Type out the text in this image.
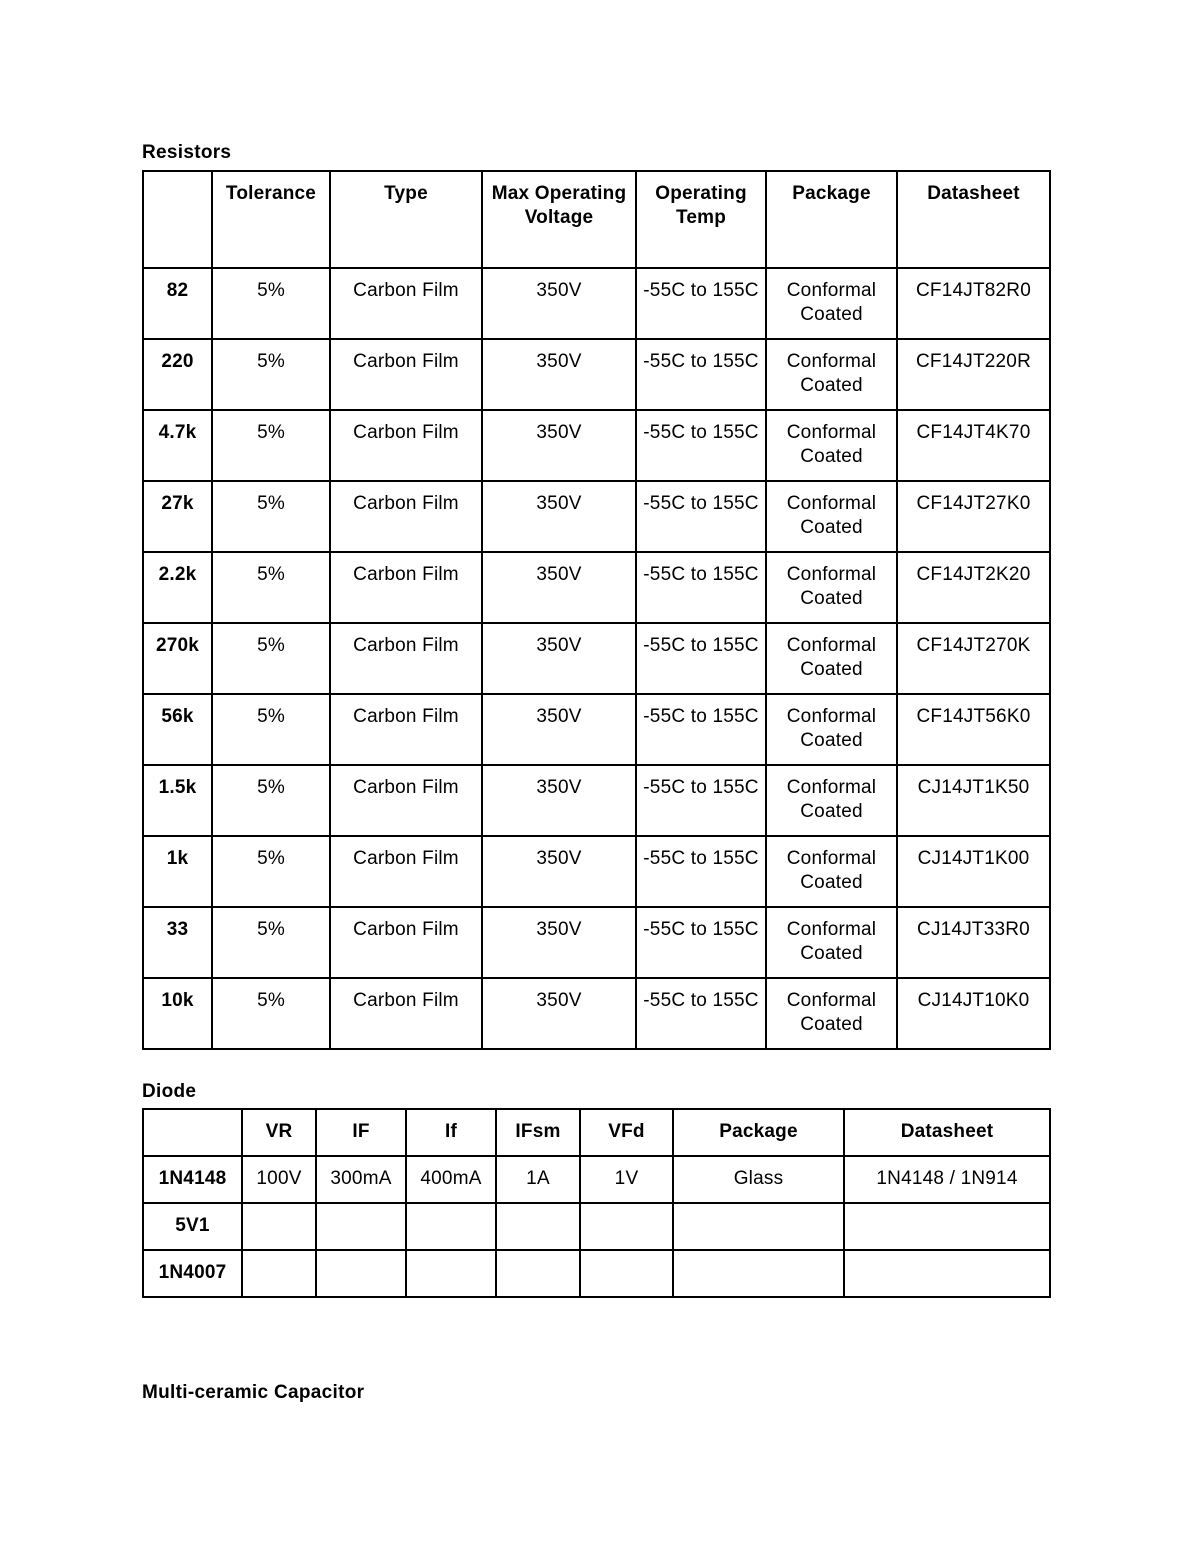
Resistors
	Tolerance	Type	Max Operating Voltage	Operating Temp	Package	Datasheet
82	5%	Carbon Film	350V	-55C to 155C	Conformal Coated	CF14JT82R0
220	5%	Carbon Film	350V	-55C to 155C	Conformal Coated	CF14JT220R
4.7k	5%	Carbon Film	350V	-55C to 155C	Conformal Coated	CF14JT4K70
27k	5%	Carbon Film	350V	-55C to 155C	Conformal Coated	CF14JT27K0
2.2k	5%	Carbon Film	350V	-55C to 155C	Conformal Coated	CF14JT2K20
270k	5%	Carbon Film	350V	-55C to 155C	Conformal Coated	CF14JT270K
56k	5%	Carbon Film	350V	-55C to 155C	Conformal Coated	CF14JT56K0
1.5k	5%	Carbon Film	350V	-55C to 155C	Conformal Coated	CJ14JT1K50
1k	5%	Carbon Film	350V	-55C to 155C	Conformal Coated	CJ14JT1K00
33	5%	Carbon Film	350V	-55C to 155C	Conformal Coated	CJ14JT33R0
10k	5%	Carbon Film	350V	-55C to 155C	Conformal Coated	CJ14JT10K0
Diode
	VR	IF	If	IFsm	VFd	Package	Datasheet
1N4148	100V	300mA	400mA	1A	1V	Glass	1N4148 / 1N914
5V1							
1N4007							
Multi-ceramic Capacitor
